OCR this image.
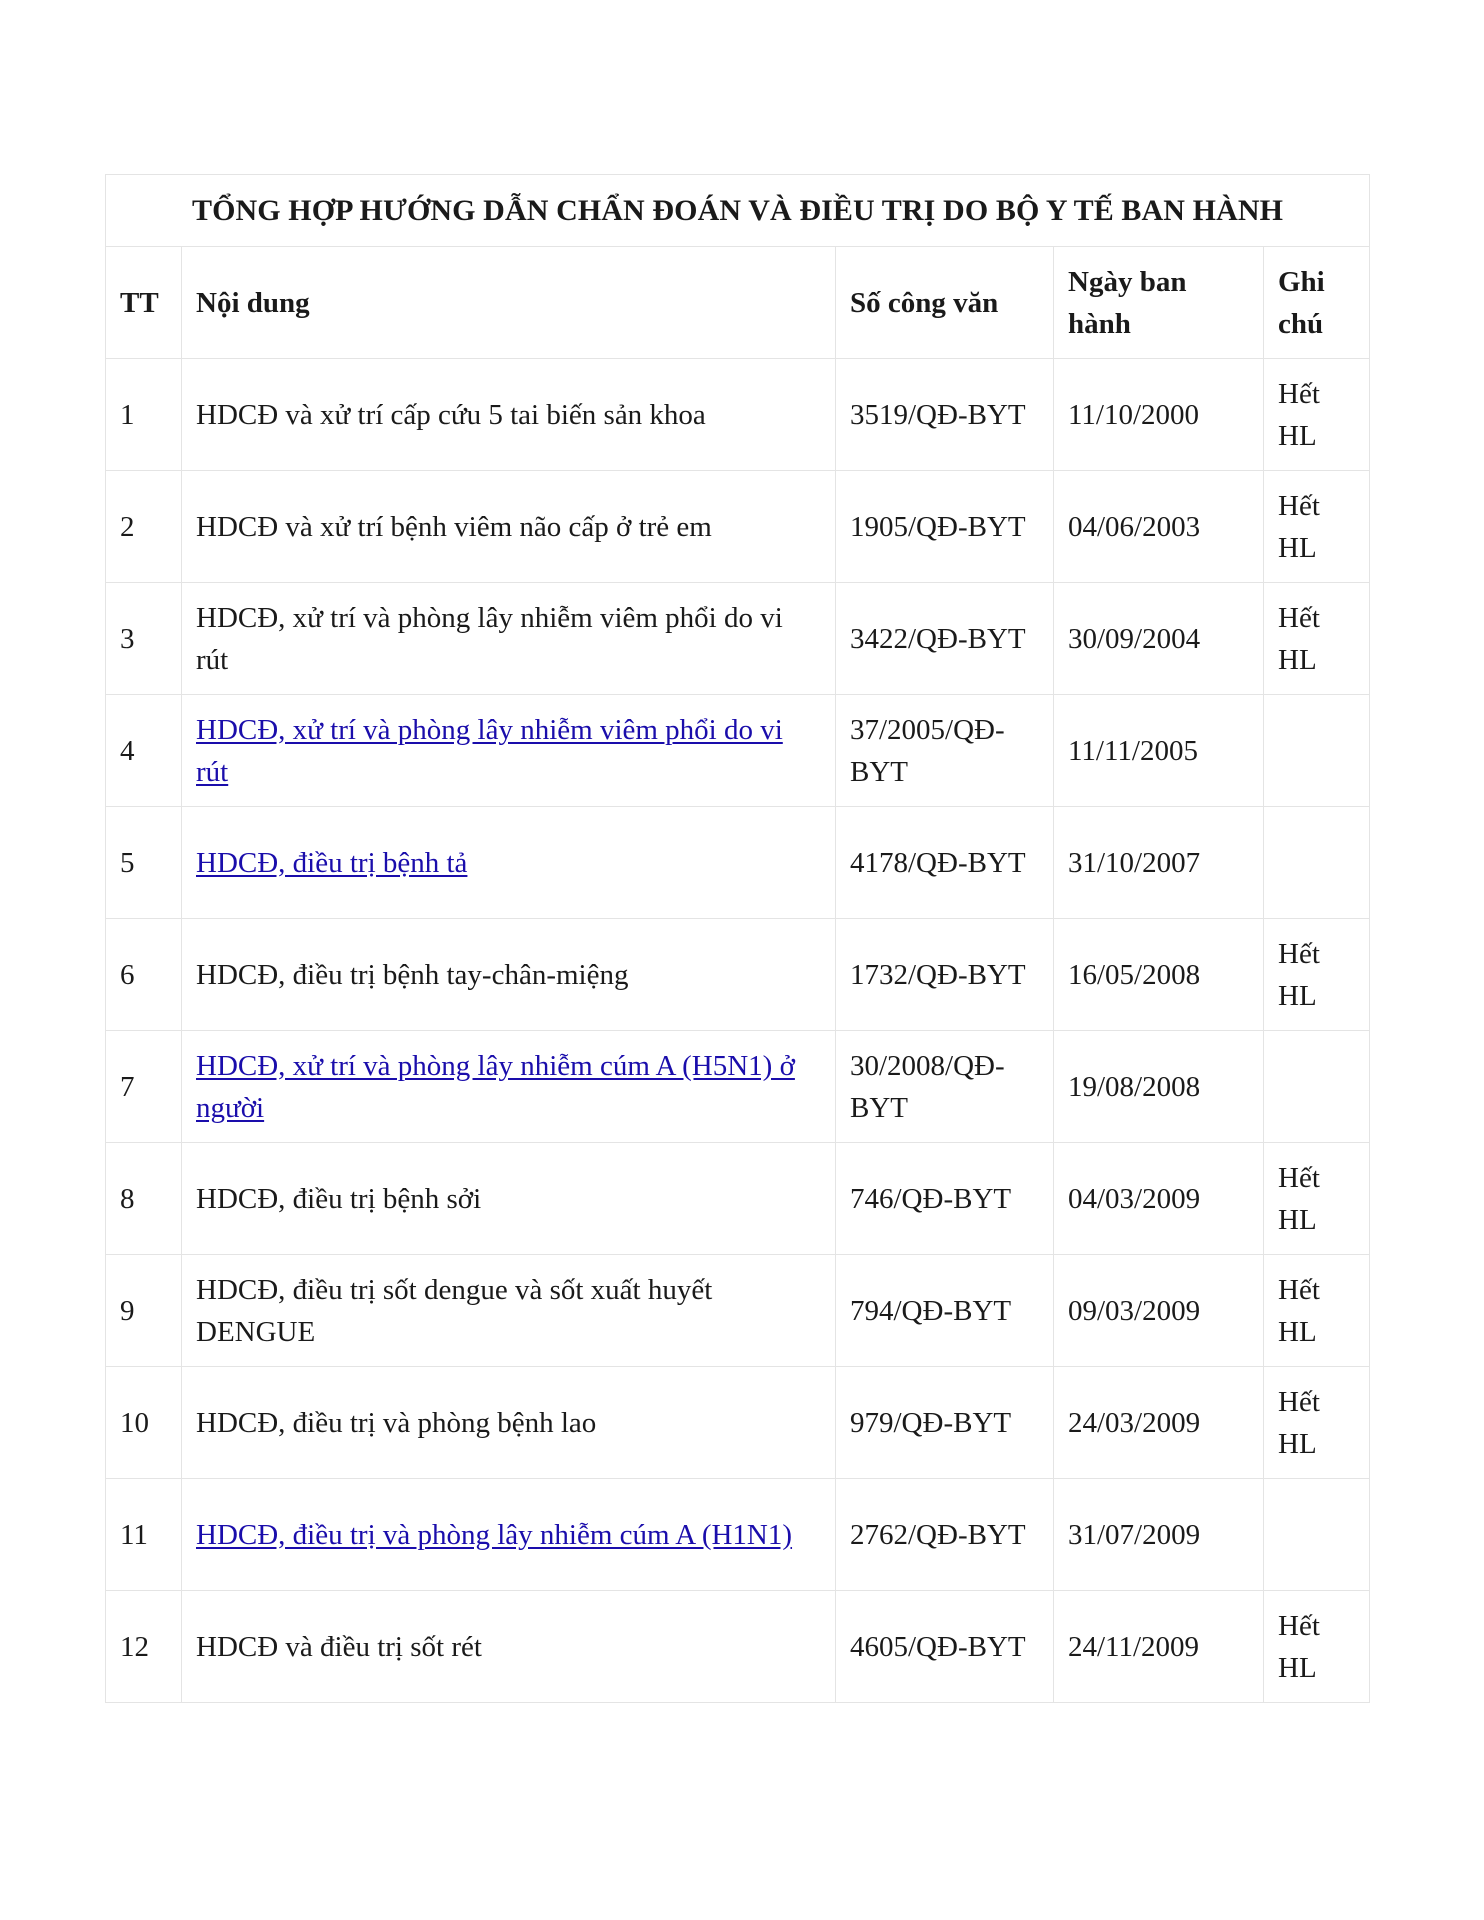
TỔNG HỢP HƯỚNG DẪN CHẨN ĐOÁN VÀ ĐIỀU TRỊ DO BỘ Y TẾ BAN HÀNH				
TT	Nội dung	Số công văn	Ngày ban hành	Ghi chú
1	HDCĐ và xử trí cấp cứu 5 tai biến sản khoa	3519/QĐ-BYT	11/10/2000	Hết HL
2	HDCĐ và xử trí bệnh viêm não cấp ở trẻ em	1905/QĐ-BYT	04/06/2003	Hết HL
3	HDCĐ, xử trí và phòng lây nhiễm viêm phổi do vi rút	3422/QĐ-BYT	30/09/2004	Hết HL
4	HDCĐ, xử trí và phòng lây nhiễm viêm phổi do vi rút	37/2005/QĐ-BYT	11/11/2005	
5	HDCĐ, điều trị bệnh tả	4178/QĐ-BYT	31/10/2007	
6	HDCĐ, điều trị bệnh tay-chân-miệng	1732/QĐ-BYT	16/05/2008	Hết HL
7	HDCĐ, xử trí và phòng lây nhiễm cúm A (H5N1) ở người	30/2008/QĐ-BYT	19/08/2008	
8	HDCĐ, điều trị bệnh sởi	746/QĐ-BYT	04/03/2009	Hết HL
9	HDCĐ, điều trị sốt dengue và sốt xuất huyết DENGUE	794/QĐ-BYT	09/03/2009	Hết HL
10	HDCĐ, điều trị và phòng bệnh lao	979/QĐ-BYT	24/03/2009	Hết HL
11	HDCĐ, điều trị và phòng lây nhiễm cúm A (H1N1)	2762/QĐ-BYT	31/07/2009	
12	HDCĐ và điều trị sốt rét	4605/QĐ-BYT	24/11/2009	Hết HL
